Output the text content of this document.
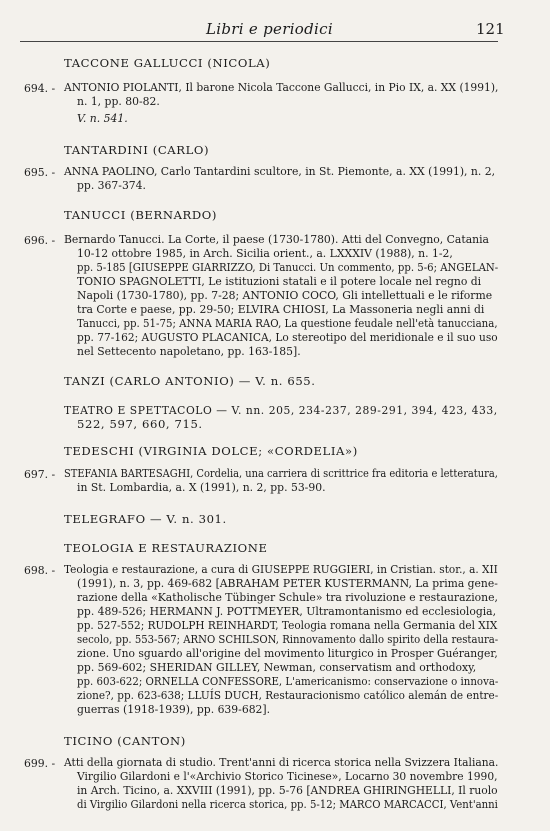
Libri e periodici	121
TACCONE GALLUCCI (NICOLA)
694. - ANTONIO PIOLANTI, Il barone Nicola Taccone Gallucci, in Pio IX, a. XX (1991),
n. 1, pp. 80-82.
V. n. 541.
TANTARDINI (CARLO)
695. - ANNA PAOLINO, Carlo Tantardini scultore, in St. Piemonte, a. XX (1991), n. 2,
pp. 367-374.
TANUCCI (BERNARDO)
696. - Bernardo Tanucci. La Corte, il paese (1730-1780). Atti del Convegno, Catania
10-12 ottobre 1985, in Arch. Sicilia orient., a. LXXXIV (1988), n. 1-2,
pp. 5-185 [GIUSEPPE GIARRIZZO, Di Tanucci. Un commento, pp. 5-6; ANGELAN-
TONIO SPAGNOLETTI, Le istituzioni statali e il potere locale nel regno di
Napoli (1730-1780), pp. 7-28; ANTONIO COCO, Gli intellettuali e le riforme
tra Corte e paese, pp. 29-50; ELVIRA CHIOSI, La Massoneria negli anni di
Tanucci, pp. 51-75; ANNA MARIA RAO, La questione feudale nell'età tanucciana,
pp. 77-162; AUGUSTO PLACANICA, Lo stereotipo del meridionale e il suo uso
nel Settecento napoletano, pp. 163-185].
TANZI (CARLO ANTONIO) — V. n. 655.
TEATRO E SPETTACOLO — V. nn. 205, 234-237, 289-291, 394, 423, 433,
522, 597, 660, 715.
TEDESCHI (VIRGINIA DOLCE; «CORDELIA»)
697. - STEFANIA BARTESAGHI, Cordelia, una carriera di scrittrice fra editoria e letteratura,
in St. Lombardia, a. X (1991), n. 2, pp. 53-90.
TELEGRAFO — V. n. 301.
TEOLOGIA E RESTAURAZIONE
698. - Teologia e restaurazione, a cura di GIUSEPPE RUGGIERI, in Cristian. stor., a. XII
(1991), n. 3, pp. 469-682 [ABRAHAM PETER KUSTERMANN, La prima gene-
razione della «Katholische Tübinger Schule» tra rivoluzione e restaurazione,
pp. 489-526; HERMANN J. POTTMEYER, Ultramontanismo ed ecclesiologia,
pp. 527-552; RUDOLPH REINHARDT, Teologia romana nella Germania del XIX
secolo, pp. 553-567; ARNO SCHILSON, Rinnovamento dallo spirito della restaura-
zione. Uno sguardo all'origine del movimento liturgico in Prosper Guéranger,
pp. 569-602; SHERIDAN GILLEY, Newman, conservatism and orthodoxy,
pp. 603-622; ORNELLA CONFESSORE, L'americanismo: conservazione o innova-
zione?, pp. 623-638; LLUÍS DUCH, Restauracionismo católico alemán de entre-
guerras (1918-1939), pp. 639-682].
TICINO (CANTON)
699. - Atti della giornata di studio. Trent'anni di ricerca storica nella Svizzera Italiana.
Virgilio Gilardoni e l'«Archivio Storico Ticinese», Locarno 30 novembre 1990,
in Arch. Ticino, a. XXVIII (1991), pp. 5-76 [ANDREA GHIRINGHELLI, Il ruolo
di Virgilio Gilardoni nella ricerca storica, pp. 5-12; MARCO MARCACCI, Vent'anni
